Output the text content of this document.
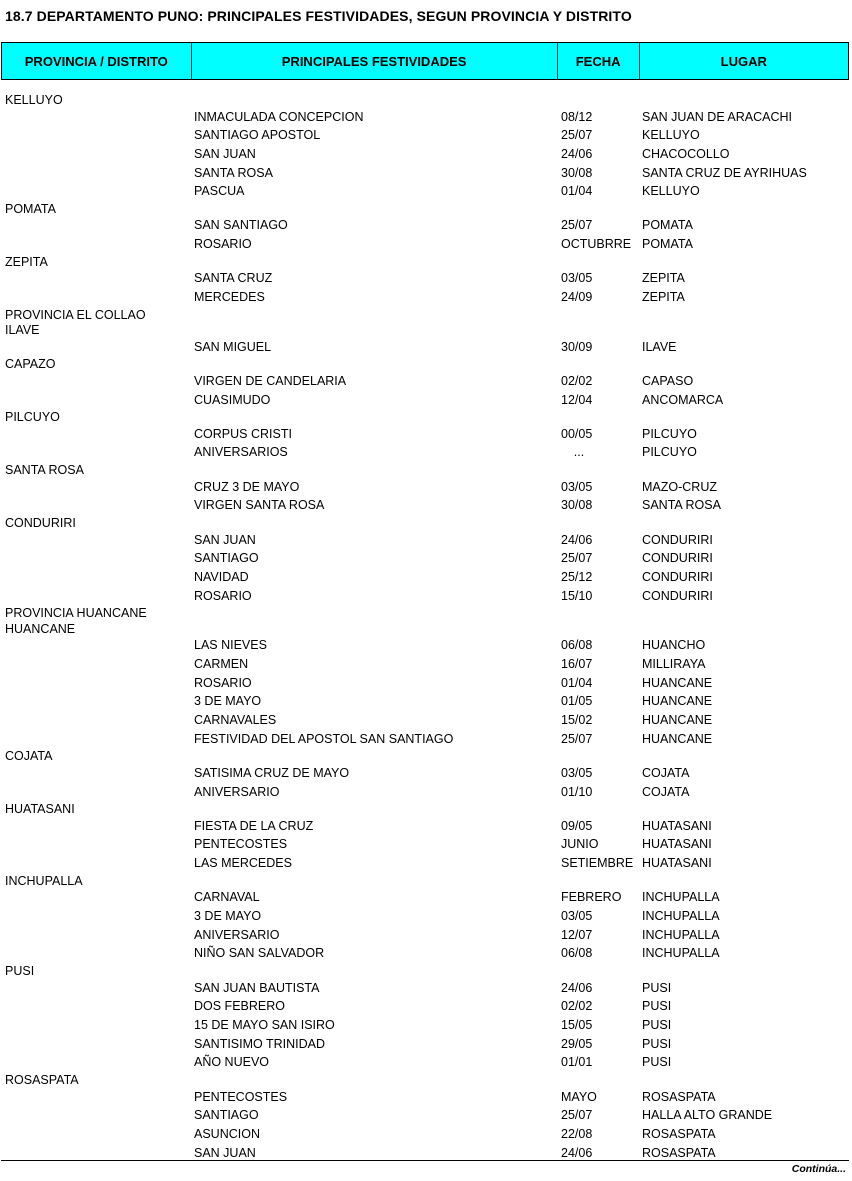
18.7 DEPARTAMENTO PUNO: PRINCIPALES FESTIVIDADES, SEGUN PROVINCIA Y DISTRITO
PROVINCIA / DISTRITO	PRINCIPALES FESTIVIDADES	FECHA	LUGAR
KELLUYO
INMACULADA CONCEPCION	08/12	SAN JUAN DE ARACACHI
SANTIAGO APOSTOL	25/07	KELLUYO
SAN JUAN	24/06	CHACOCOLLO
SANTA ROSA	30/08	SANTA CRUZ DE AYRIHUAS
PASCUA	01/04	KELLUYO
POMATA
SAN SANTIAGO	25/07	POMATA
ROSARIO	OCTUBRRE POMATA
ZEPITA
SANTA CRUZ	03/05	ZEPITA
MERCEDES	24/09	ZEPITA
PROVINCIA EL COLLAO
ILAVE
SAN MIGUEL	30/09	ILAVE
CAPAZO
VIRGEN DE CANDELARIA	02/02	CAPASO
CUASIMUDO	12/04	ANCOMARCA
PILCUYO
CORPUS CRISTI	00/05	PILCUYO
ANIVERSARIOS	...	PILCUYO
SANTA ROSA
CRUZ 3 DE MAYO	03/05	MAZO-CRUZ
VIRGEN SANTA ROSA	30/08	SANTA ROSA
CONDURIRI
SAN JUAN	24/06	CONDURIRI
SANTIAGO	25/07	CONDURIRI
NAVIDAD	25/12	CONDURIRI
ROSARIO	15/10	CONDURIRI
PROVINCIA HUANCANE
HUANCANE
LAS NIEVES	06/08	HUANCHO
CARMEN	16/07	MILLIRAYA
ROSARIO	01/04	HUANCANE
3 DE MAYO	01/05	HUANCANE
CARNAVALES	15/02	HUANCANE
FESTIVIDAD DEL APOSTOL SAN SANTIAGO	25/07	HUANCANE
COJATA
SATISIMA CRUZ DE MAYO	03/05	COJATA
ANIVERSARIO	01/10	COJATA
HUATASANI
FIESTA DE LA CRUZ	09/05	HUATASANI
PENTECOSTES	JUNIO	HUATASANI
LAS MERCEDES	SETIEMBRE HUATASANI
INCHUPALLA
CARNAVAL	FEBRERO INCHUPALLA
3 DE MAYO	03/05	INCHUPALLA
ANIVERSARIO	12/07	INCHUPALLA
NIÑO SAN SALVADOR	06/08	INCHUPALLA
PUSI
SAN JUAN BAUTISTA	24/06	PUSI
DOS FEBRERO	02/02	PUSI
15 DE MAYO SAN ISIRO	15/05	PUSI
SANTISIMO TRINIDAD	29/05	PUSI
AÑO NUEVO	01/01	PUSI
ROSASPATA
PENTECOSTES	MAYO	ROSASPATA
SANTIAGO	25/07	HALLA ALTO GRANDE
ASUNCION	22/08	ROSASPATA
SAN JUAN	24/06	ROSASPATA
Continúa...
